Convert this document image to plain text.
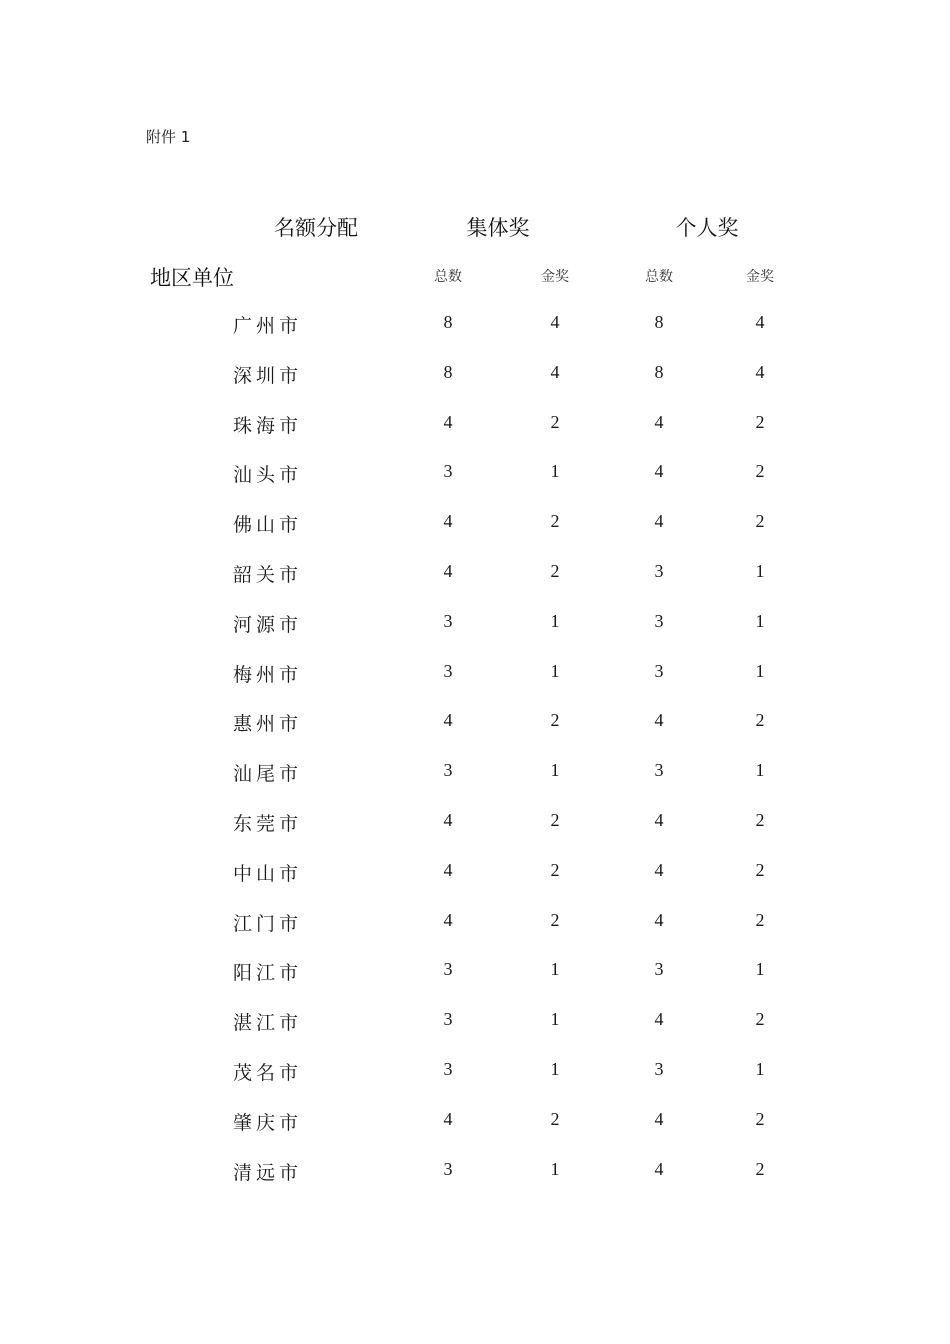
附件 1
名额分配	集体奖	个人奖
地区单位	总数	金奖	总数	金奖
广州市	8	4	8	4
深圳市	8	4	8	4
珠海市	4	2	4	2
汕头市	3	1	4	2
佛山市	4	2	4	2
韶关市	4	2	3	1
河源市	3	1	3	1
梅州市	3	1	3	1
惠州市	4	2	4	2
汕尾市	3	1	3	1
东莞市	4	2	4	2
中山市	4	2	4	2
江门市	4	2	4	2
阳江市	3	1	3	1
湛江市	3	1	4	2
茂名市	3	1	3	1
肇庆市	4	2	4	2
清远市	3	1	4	2
